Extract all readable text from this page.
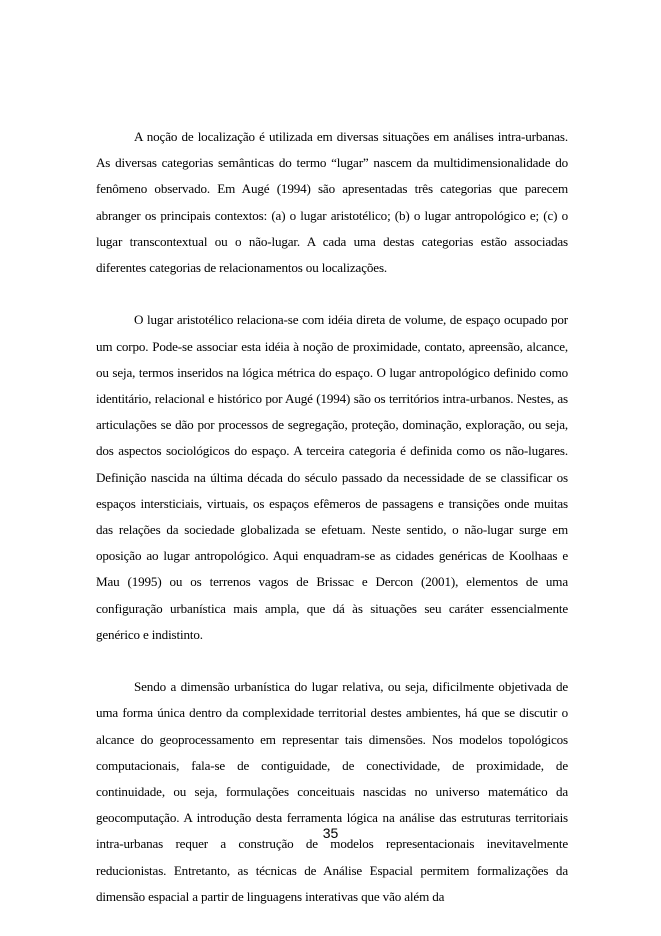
A noção de localização é utilizada em diversas situações em análises intra-urbanas. As diversas categorias semânticas do termo “lugar” nascem da multidimensionalidade do fenômeno observado. Em Augé (1994) são apresentadas três categorias que parecem abranger os principais contextos: (a) o lugar aristotélico; (b) o lugar antropológico e; (c) o lugar transcontextual ou o não-lugar. A cada uma destas categorias estão associadas diferentes categorias de relacionamentos ou localizações.

O lugar aristotélico relaciona-se com idéia direta de volume, de espaço ocupado por um corpo. Pode-se associar esta idéia à noção de proximidade, contato, apreensão, alcance, ou seja, termos inseridos na lógica métrica do espaço. O lugar antropológico definido como identitário, relacional e histórico por Augé (1994) são os territórios intra-urbanos. Nestes, as articulações se dão por processos de segregação, proteção, dominação, exploração, ou seja, dos aspectos sociológicos do espaço. A terceira categoria é definida como os não-lugares. Definição nascida na última década do século passado da necessidade de se classificar os espaços intersticiais, virtuais, os espaços efêmeros de passagens e transições onde muitas das relações da sociedade globalizada se efetuam. Neste sentido, o não-lugar surge em oposição ao lugar antropológico. Aqui enquadram-se as cidades genéricas de Koolhaas e Mau (1995) ou os terrenos vagos de Brissac e Dercon (2001), elementos de uma configuração urbanística mais ampla, que dá às situações seu caráter essencialmente genérico e indistinto.

Sendo a dimensão urbanística do lugar relativa, ou seja, dificilmente objetivada de uma forma única dentro da complexidade territorial destes ambientes, há que se discutir o alcance do geoprocessamento em representar tais dimensões. Nos modelos topológicos computacionais, fala-se de contiguidade, de conectividade, de proximidade, de continuidade, ou seja, formulações conceituais nascidas no universo matemático da geocomputação. A introdução desta ferramenta lógica na análise das estruturas territoriais intra-urbanas requer a construção de modelos representacionais inevitavelmente reducionistas. Entretanto, as técnicas de Análise Espacial permitem formalizações da dimensão espacial a partir de linguagens interativas que vão além da

35
